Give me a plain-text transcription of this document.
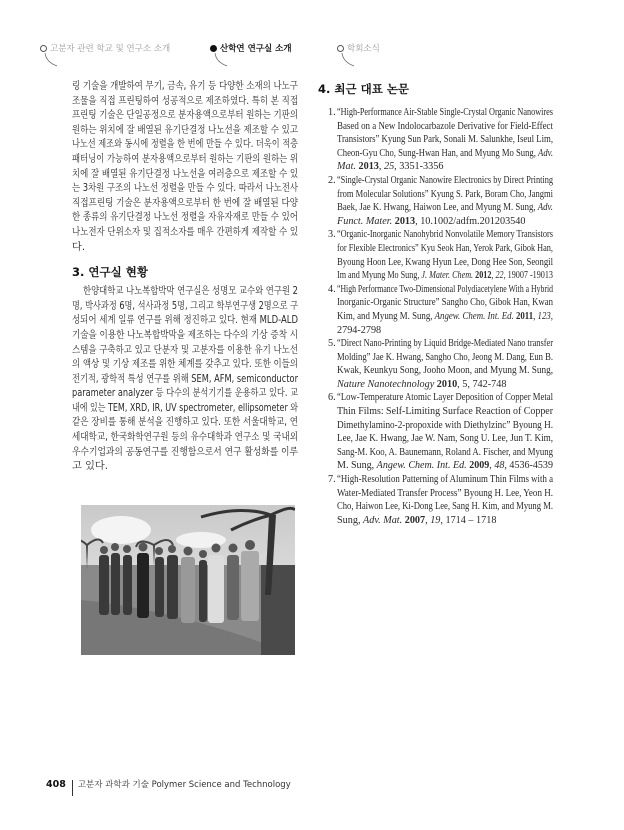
고분자 관련 학교 및 연구소 소개	산학연 연구실 소개	학회소식
링 기술을 개발하여 무기, 금속, 유기 등 다양한 소재의 나노구
조물을 직접 프린팅하여 성공적으로 제조하였다. 특히 본 직접
프린팅 기술은 단일공정으로 분자용액으로부터 원하는 기판의
원하는 위치에 잘 배열된 유기단결정 나노선을 제조할 수 있고
나노선 제조와 동시에 정렬을 한 번에 만들 수 있다. 더욱이 적층
패터닝이 가능하여 분자용액으로부터 원하는 기판의 원하는 위
치에 잘 배열된 유기단결정 나노선을 여러층으로 제조할 수 있
는 3차원 구조의 나노선 정렬을 만들 수 있다. 따라서 나노전사
직접프린팅 기술은 분자용액으로부터 한 번에 잘 배열된 다양
한 종류의 유기단결정 나노선 정렬을 자유자재로 만들 수 있어
나노전자 단위소자 및 집적소자를 매우 간편하게 제작할 수 있
다.
3. 연구실 현황
한양대학교 나노복합박막 연구실은 성명모 교수와 연구원 2
명, 박사과정 6명, 석사과정 5명, 그리고 학부연구생 2명으로 구
성되어 세계 일류 연구를 위해 정진하고 있다. 현재 MLD-ALD
기술을 이용한 나노복합박막을 제조하는 다수의 기상 증착 시
스템을 구축하고 있고 단분자 및 고분자를 이용한 유기 나노선
의 액상 및 기상 제조를 위한 체계를 갖추고 있다. 또한 이들의
전기적, 광학적 특성 연구를 위해 SEM, AFM, semiconductor
parameter analyzer 등 다수의 분석기기를 운용하고 있다. 교
내에 있는 TEM, XRD, IR, UV spectrometer, ellipsometer 와
같은 장비를 통해 분석을 진행하고 있다. 또한 서울대학교, 연
세대학교, 한국화학연구원 등의 유수대학과 연구소 및 국내외
우수기업과의 공동연구를 진행함으로서 연구 활성화를 이루
고 있다.
4. 최근 대표 논문
1. “High-Performance Air-Stable Single-Crystal Organic Nanowires
Based on a New Indolocarbazole Derivative for Field-Effect
Transistors” Kyung Sun Park, Sonali M. Salunkhe, Iseul Lim,
Cheon-Gyu Cho, Sung-Hwan Han, and Myung Mo Sung, Adv.
Mat. 2013, 25, 3351-3356
2. “Single-Crystal Organic Nanowire Electronics by Direct Printing
from Molecular Solutions” Kyung S. Park, Boram Cho, Jangmi
Baek, Jae K. Hwang, Haiwon Lee, and Myung M. Sung, Adv.
Funct. Mater. 2013, 10.1002/adfm.201203540
3. “Organic-Inorganic Nanohybrid Nonvolatile Memory Transistors
for Flexible Electronics” Kyu Seok Han, Yerok Park, Gibok Han,
Byoung Hoon Lee, Kwang Hyun Lee, Dong Hee Son, Seongil
Im and Myung Mo Sung, J. Mater. Chem. 2012, 22, 19007 -19013
4. “High Performance Two-Dimensional Polydiacetylene With a Hybrid
Inorganic-Organic Structure” Sangho Cho, Gibok Han, Kwan
Kim, and Myung M. Sung, Angew. Chem. Int. Ed. 2011, 123,
2794-2798
5. “Direct Nano-Printing by Liquid Bridge-Mediated Nano transfer
Molding” Jae K. Hwang, Sangho Cho, Jeong M. Dang, Eun B.
Kwak, Keunkyu Song, Jooho Moon, and Myung M. Sung,
Nature Nanotechnology 2010, 5, 742-748
6. “Low-Temperature Atomic Layer Deposition of Copper Metal
Thin Films: Self-Limiting Surface Reaction of Copper
Dimethylamino-2-propoxide with Diethylzinc” Byoung H.
Lee, Jae K. Hwang, Jae W. Nam, Song U. Lee, Jun T. Kim,
Sang-M. Koo, A. Baunemann, Roland A. Fischer, and Myung
M. Sung, Angew. Chem. Int. Ed. 2009, 48, 4536-4539
7. “High-Resolution Patterning of Aluminum Thin Films with a
Water-Mediated Transfer Process” Byoung H. Lee, Yeon H.
Cho, Haiwon Lee, Ki-Dong Lee, Sang H. Kim, and Myung M.
Sung, Adv. Mat. 2007, 19, 1714 – 1718
408 고분자 과학과 기술 Polymer Science and Technology
